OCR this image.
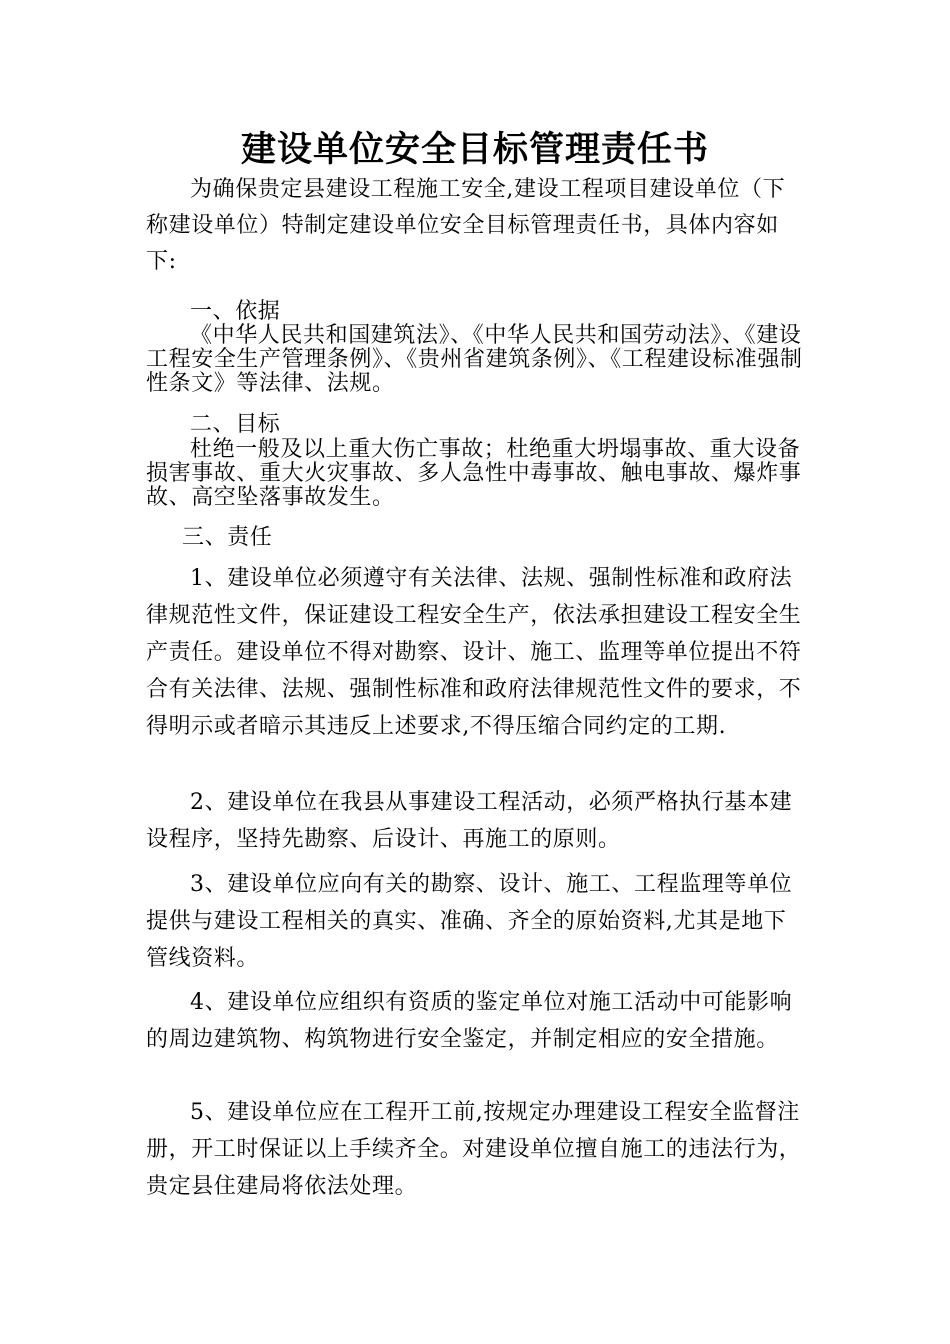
建设单位安全目标管理责任书

为确保贵定县建设工程施工安全,建设工程项目建设单位（下称建设单位）特制定建设单位安全目标管理责任书，具体内容如下:

一、依据

《中华人民共和国建筑法》、《中华人民共和国劳动法》、《建设工程安全生产管理条例》、《贵州省建筑条例》、《工程建设标准强制性条文》等法律、法规。

二、目标

杜绝一般及以上重大伤亡事故；杜绝重大坍塌事故、重大设备损害事故、重大火灾事故、多人急性中毒事故、触电事故、爆炸事故、高空坠落事故发生。

三、责任

1、建设单位必须遵守有关法律、法规、强制性标准和政府法律规范性文件，保证建设工程安全生产，依法承担建设工程安全生产责任。建设单位不得对勘察、设计、施工、监理等单位提出不符合有关法律、法规、强制性标准和政府法律规范性文件的要求，不得明示或者暗示其违反上述要求,不得压缩合同约定的工期.

2、建设单位在我县从事建设工程活动，必须严格执行基本建设程序，坚持先勘察、后设计、再施工的原则。

3、建设单位应向有关的勘察、设计、施工、工程监理等单位提供与建设工程相关的真实、准确、齐全的原始资料,尤其是地下管线资料。

4、建设单位应组织有资质的鉴定单位对施工活动中可能影响的周边建筑物、构筑物进行安全鉴定，并制定相应的安全措施。

5、建设单位应在工程开工前,按规定办理建设工程安全监督注册，开工时保证以上手续齐全。对建设单位擅自施工的违法行为，贵定县住建局将依法处理。
